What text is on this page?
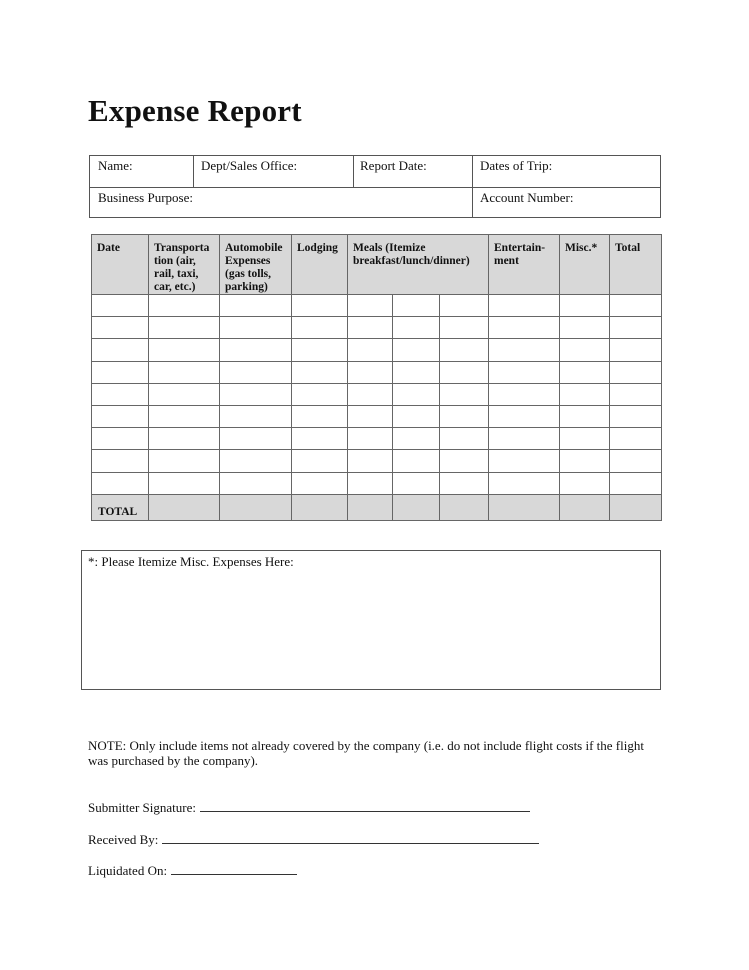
Expense Report
Name:	Dept/Sales Office:	Report Date:	Dates of Trip:
Business Purpose:	Account Number:
Date	Transporta tion (air, rail, taxi, car, etc.)	Automobile Expenses (gas tolls, parking)	Lodging	Meals (Itemize breakfast/lunch/dinner)			Entertain- ment	Misc.*	Total

TOTAL									
*: Please Itemize Misc. Expenses Here:
NOTE: Only include items not already covered by the company (i.e. do not include flight costs if the flight was purchased by the company).
Submitter Signature:
Received By:
Liquidated On:
